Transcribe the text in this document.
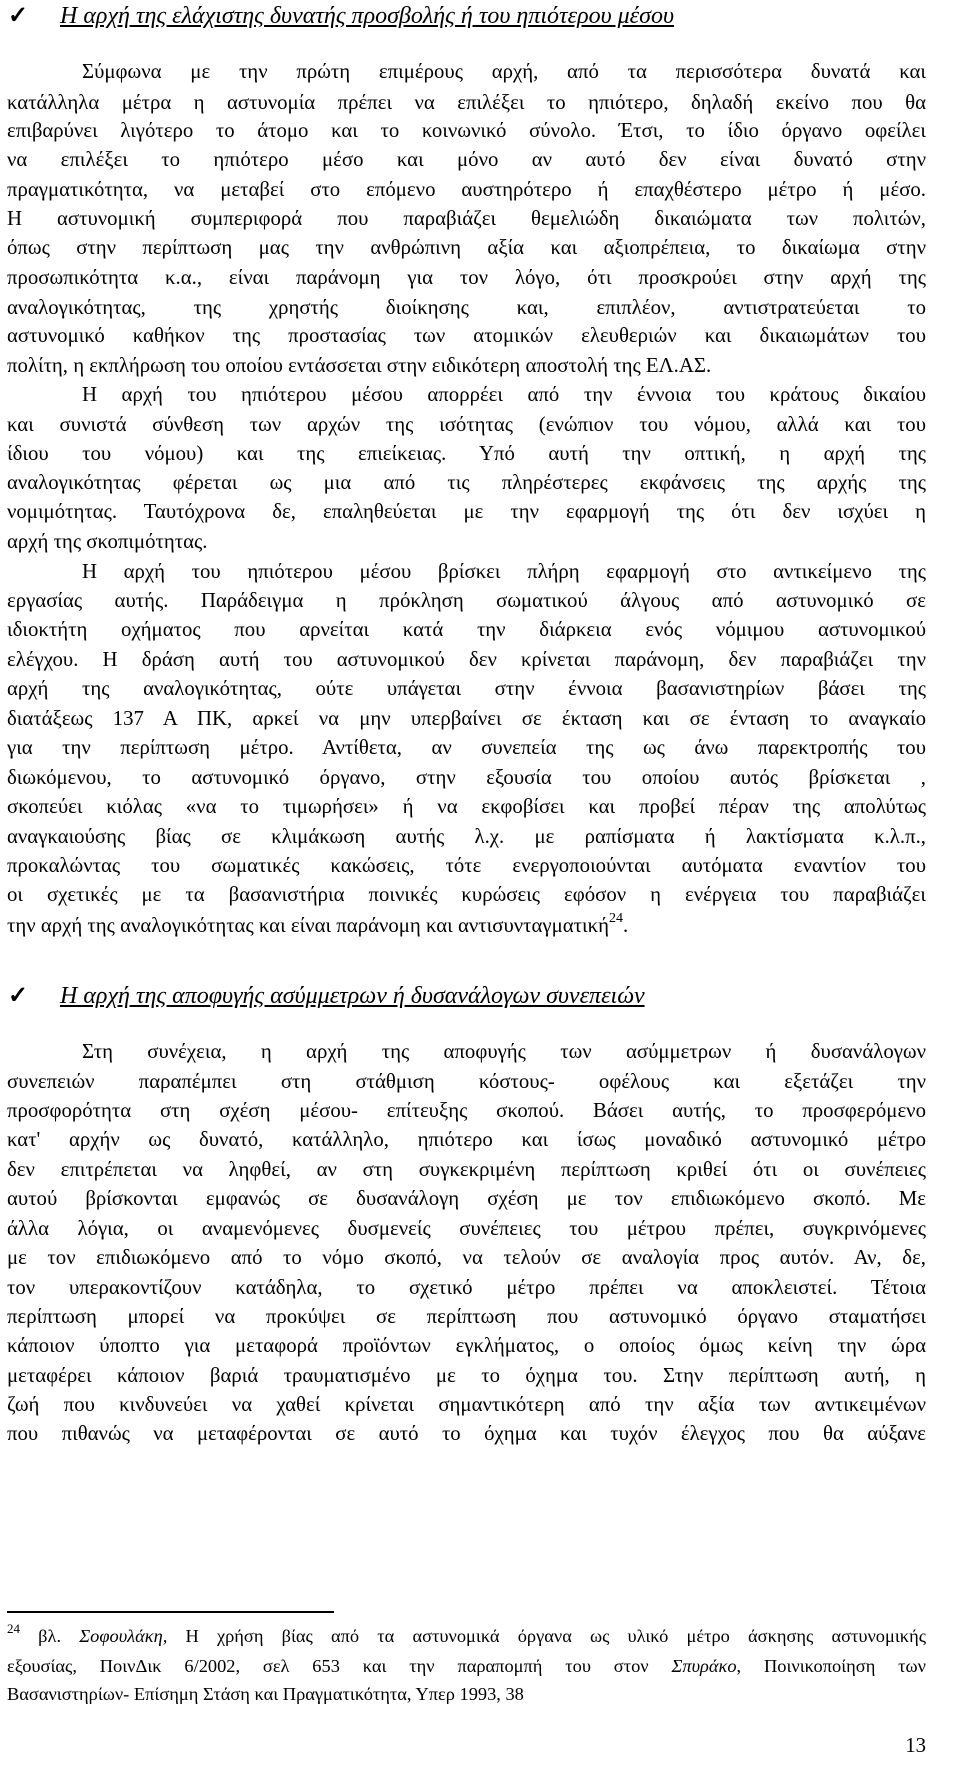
✓ Η αρχή της ελάχιστης δυνατής προσβολής ή του ηπιότερου μέσου
Σύμφωνα με την πρώτη επιμέρους αρχή, από τα περισσότερα δυνατά και
κατάλληλα μέτρα η αστυνομία πρέπει να επιλέξει το ηπιότερο, δηλαδή εκείνο που θα
επιβαρύνει λιγότερο το άτομο και το κοινωνικό σύνολο. Έτσι, το ίδιο όργανο οφείλει
να επιλέξει το ηπιότερο μέσο και μόνο αν αυτό δεν είναι δυνατό στην
πραγματικότητα, να μεταβεί στο επόμενο αυστηρότερο ή επαχθέστερο μέτρο ή μέσο.
Η αστυνομική συμπεριφορά που παραβιάζει θεμελιώδη δικαιώματα των πολιτών,
όπως στην περίπτωση μας την ανθρώπινη αξία και αξιοπρέπεια, το δικαίωμα στην
προσωπικότητα κ.α., είναι παράνομη για τον λόγο, ότι προσκρούει στην αρχή της
αναλογικότητας, της χρηστής διοίκησης και, επιπλέον, αντιστρατεύεται το
αστυνομικό καθήκον της προστασίας των ατομικών ελευθεριών και δικαιωμάτων του
πολίτη, η εκπλήρωση του οποίου εντάσσεται στην ειδικότερη αποστολή της ΕΛ.ΑΣ.
Η αρχή του ηπιότερου μέσου απορρέει από την έννοια του κράτους δικαίου
και συνιστά σύνθεση των αρχών της ισότητας (ενώπιον του νόμου, αλλά και του
ίδιου του νόμου) και της επιείκειας. Υπό αυτή την οπτική, η αρχή της
αναλογικότητας φέρεται ως μια από τις πληρέστερες εκφάνσεις της αρχής της
νομιμότητας. Ταυτόχρονα δε, επαληθεύεται με την εφαρμογή της ότι δεν ισχύει η
αρχή της σκοπιμότητας.
Η αρχή του ηπιότερου μέσου βρίσκει πλήρη εφαρμογή στο αντικείμενο της
εργασίας αυτής. Παράδειγμα η πρόκληση σωματικού άλγους από αστυνομικό σε
ιδιοκτήτη οχήματος που αρνείται κατά την διάρκεια ενός νόμιμου αστυνομικού
ελέγχου. Η δράση αυτή του αστυνομικού δεν κρίνεται παράνομη, δεν παραβιάζει την
αρχή της αναλογικότητας, ούτε υπάγεται στην έννοια βασανιστηρίων βάσει της
διατάξεως 137 Α ΠΚ, αρκεί να μην υπερβαίνει σε έκταση και σε ένταση το αναγκαίο
για την περίπτωση μέτρο. Αντίθετα, αν συνεπεία της ως άνω παρεκτροπής του
διωκόμενου, το αστυνομικό όργανο, στην εξουσία του οποίου αυτός βρίσκεται ,
σκοπεύει κιόλας «να το τιμωρήσει» ή να εκφοβίσει και προβεί πέραν της απολύτως
αναγκαιούσης βίας σε κλιμάκωση αυτής λ.χ. με ραπίσματα ή λακτίσματα κ.λ.π.,
προκαλώντας του σωματικές κακώσεις, τότε ενεργοποιούνται αυτόματα εναντίον του
οι σχετικές με τα βασανιστήρια ποινικές κυρώσεις εφόσον η ενέργεια του παραβιάζει
την αρχή της αναλογικότητας και είναι παράνομη και αντισυνταγματική$^{24}$.
✓ Η αρχή της αποφυγής ασύμμετρων ή δυσανάλογων συνεπειών
Στη συνέχεια, η αρχή της αποφυγής των ασύμμετρων ή δυσανάλογων
συνεπειών παραπέμπει στη στάθμιση κόστους- οφέλους και εξετάζει την
προσφορότητα στη σχέση μέσου- επίτευξης σκοπού. Βάσει αυτής, το προσφερόμενο
κατ' αρχήν ως δυνατό, κατάλληλο, ηπιότερο και ίσως μοναδικό αστυνομικό μέτρο
δεν επιτρέπεται να ληφθεί, αν στη συγκεκριμένη περίπτωση κριθεί ότι οι συνέπειες
αυτού βρίσκονται εμφανώς σε δυσανάλογη σχέση με τον επιδιωκόμενο σκοπό. Με
άλλα λόγια, οι αναμενόμενες δυσμενείς συνέπειες του μέτρου πρέπει, συγκρινόμενες
με τον επιδιωκόμενο από το νόμο σκοπό, να τελούν σε αναλογία προς αυτόν. Αν, δε,
τον υπερακοντίζουν κατάδηλα, το σχετικό μέτρο πρέπει να αποκλειστεί. Τέτοια
περίπτωση μπορεί να προκύψει σε περίπτωση που αστυνομικό όργανο σταματήσει
κάποιον ύποπτο για μεταφορά προϊόντων εγκλήματος, ο οποίος όμως κείνη την ώρα
μεταφέρει κάποιον βαριά τραυματισμένο με το όχημα του. Στην περίπτωση αυτή, η
ζωή που κινδυνεύει να χαθεί κρίνεται σημαντικότερη από την αξία των αντικειμένων
που πιθανώς να μεταφέρονται σε αυτό το όχημα και τυχόν έλεγχος που θα αύξανε
$^{24}$ βλ. Σοφουλάκη, Η χρήση βίας από τα αστυνομικά όργανα ως υλικό μέτρο άσκησης αστυνομικής
εξουσίας, ΠοινΔικ 6/2002, σελ 653 και την παραπομπή του στον Σπυράκο, Ποινικοποίηση των
Βασανιστηρίων- Επίσημη Στάση και Πραγματικότητα, Υπερ 1993, 38
13
